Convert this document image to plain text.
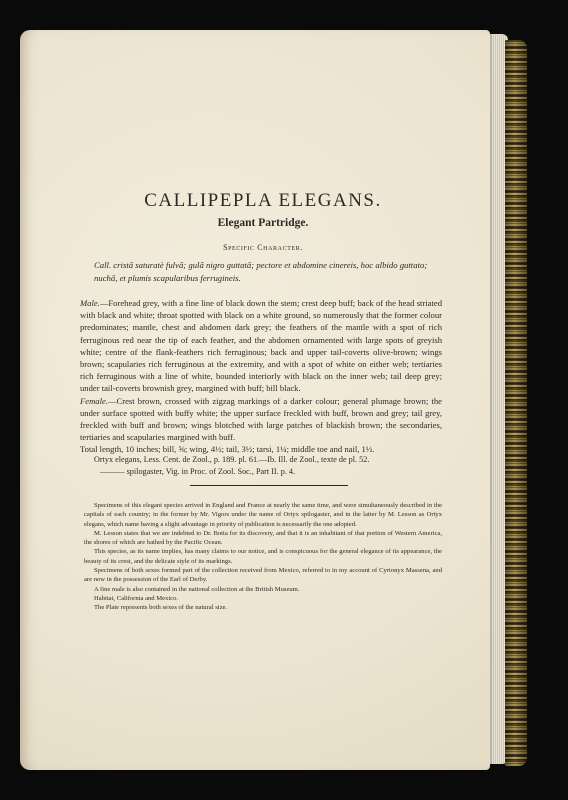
CALLIPEPLA ELEGANS.
Elegant Partridge.
Specific Character.
Call. cristâ saturatè fulvâ; gulâ nigro guttatâ; pectore et abdomine cinereis, hoc albido guttato; nuchâ, et plumis scapularibus ferrugineis.

Male.—Forehead grey, with a fine line of black down the stem; crest deep buff; back of the head striated with black and white; throat spotted with black on a white ground, so numerously that the former colour predominates; mantle, chest and abdomen dark grey; the feathers of the mantle with a spot of rich ferruginous red near the tip of each feather, and the abdomen ornamented with large spots of greyish white; centre of the flank-feathers rich ferruginous; back and upper tail-coverts olive-brown; wings brown; scapularies rich ferruginous at the extremity, and with a spot of white on either web; tertiaries rich ferruginous with a line of white, bounded interiorly with black on the inner web; tail deep grey; under tail-coverts brownish grey, margined with buff; bill black.

Female.—Crest brown, crossed with zigzag markings of a darker colour; general plumage brown; the under surface spotted with buffy white; the upper surface freckled with buff, brown and grey; tail grey, freckled with buff and brown; wings blotched with large patches of blackish brown; the secondaries, tertiaries and scapularies margined with buff.

Total length, 10 inches; bill, ⅝; wing, 4½; tail, 3½; tarsi, 1¼; middle toe and nail, 1½.

Ortyx elegans, Less. Cent. de Zool., p. 189. pl. 61.—Ib. Ill. de Zool., texte de pl. 52.

——— spilogaster, Vig. in Proc. of Zool. Soc., Part II. p. 4.

Specimens of this elegant species arrived in England and France at nearly the same time, and were simultaneously described in the capitals of each country; in the former by Mr. Vigors under the name of Ortyx spilogaster, and in the latter by M. Lesson as Ortyx elegans, which name having a slight advantage in priority of publication is necessarily the one adopted.

M. Lesson states that we are indebted to Dr. Botta for its discovery, and that it is an inhabitant of that portion of Western America, the shores of which are bathed by the Pacific Ocean.

This species, as its name implies, has many claims to our notice, and is conspicuous for the general elegance of its appearance, the beauty of its crest, and the delicate style of its markings.

Specimens of both sexes formed part of the collection received from Mexico, referred to in my account of Cyrtonyx Massena, and are now in the possession of the Earl of Derby.

A fine male is also contained in the national collection at the British Museum.

Habitat, California and Mexico.

The Plate represents both sexes of the natural size.
